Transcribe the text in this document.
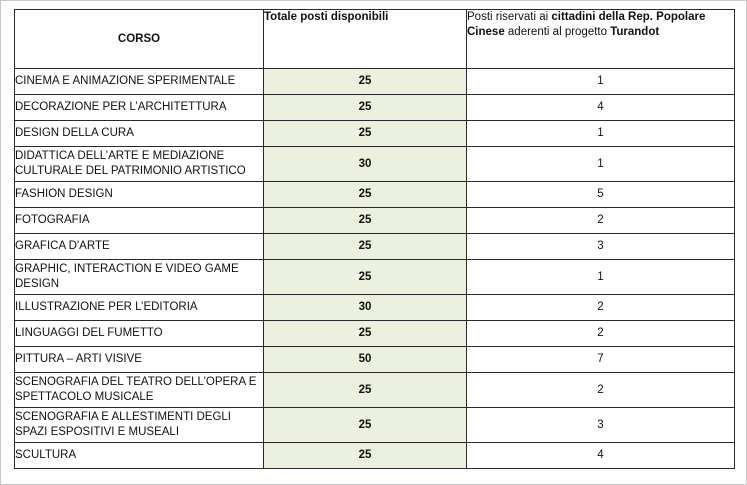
CORSO	Totale posti disponibili	Posti riservati ai cittadini della Rep. Popolare Cinese aderenti al progetto Turandot
CINEMA E ANIMAZIONE SPERIMENTALE	25	1
DECORAZIONE PER L’ARCHITETTURA	25	4
DESIGN DELLA CURA	25	1
DIDATTICA DELL’ARTE E MEDIAZIONE CULTURALE DEL PATRIMONIO ARTISTICO	30	1
FASHION DESIGN	25	5
FOTOGRAFIA	25	2
GRAFICA D'ARTE	25	3
GRAPHIC, INTERACTION E VIDEO GAME DESIGN	25	1
ILLUSTRAZIONE PER L’EDITORIA	30	2
LINGUAGGI DEL FUMETTO	25	2
PITTURA – ARTI VISIVE	50	7
SCENOGRAFIA DEL TEATRO DELL’OPERA E SPETTACOLO MUSICALE	25	2
SCENOGRAFIA E ALLESTIMENTI DEGLI SPAZI ESPOSITIVI E MUSEALI	25	3
SCULTURA	25	4
